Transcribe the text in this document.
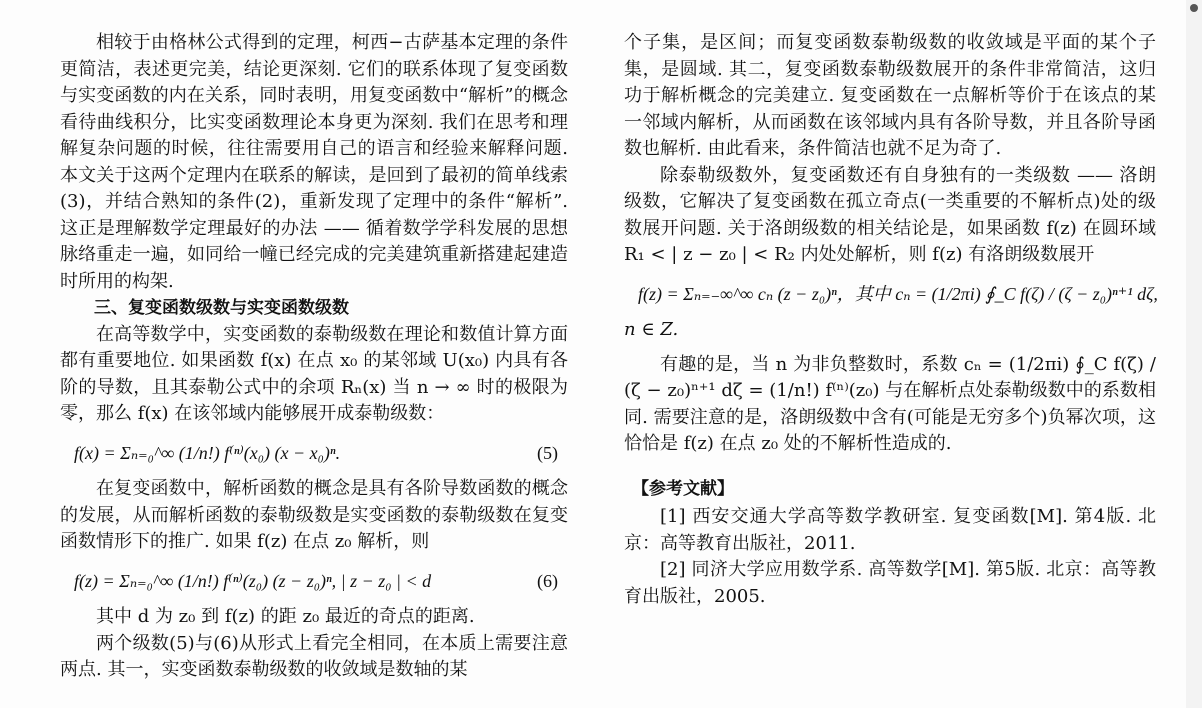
相较于由格林公式得到的定理，柯西−古萨基本定理的条件更简洁，表述更完美，结论更深刻. 它们的联系体现了复变函数与实变函数的内在关系，同时表明，用复变函数中“解析”的概念看待曲线积分，比实变函数理论本身更为深刻. 我们在思考和理解复杂问题的时候，往往需要用自己的语言和经验来解释问题. 本文关于这两个定理内在联系的解读，是回到了最初的简单线索(3)，并结合熟知的条件(2)，重新发现了定理中的条件“解析”. 这正是理解数学定理最好的办法 —— 循着数学学科发展的思想脉络重走一遍，如同给一幢已经完成的完美建筑重新搭建起建造时所用的构架.

三、复变函数级数与实变函数级数

在高等数学中，实变函数的泰勒级数在理论和数值计算方面都有重要地位. 如果函数 f(x) 在点 x₀ 的某邻域 U(x₀) 内具有各阶的导数，且其泰勒公式中的余项 Rₙ(x) 当 n → ∞ 时的极限为零，那么 f(x) 在该邻域内能够展开成泰勒级数：

f(x) = Σₙ₌₀^∞ (1/n!) f⁽ⁿ⁾(x₀) (x − x₀)ⁿ.	(5)

在复变函数中，解析函数的概念是具有各阶导数函数的概念的发展，从而解析函数的泰勒级数是实变函数的泰勒级数在复变函数情形下的推广. 如果 f(z) 在点 z₀ 解析，则

f(z) = Σₙ₌₀^∞ (1/n!) f⁽ⁿ⁾(z₀) (z − z₀)ⁿ, | z − z₀ | < d	(6)

其中 d 为 z₀ 到 f(z) 的距 z₀ 最近的奇点的距离.

两个级数(5)与(6)从形式上看完全相同，在本质上需要注意两点. 其一，实变函数泰勒级数的收敛域是数轴的某

个子集，是区间；而复变函数泰勒级数的收敛域是平面的某个子集，是圆域. 其二，复变函数泰勒级数展开的条件非常简洁，这归功于解析概念的完美建立. 复变函数在一点解析等价于在该点的某一邻域内解析，从而函数在该邻域内具有各阶导数，并且各阶导函数也解析. 由此看来，条件简洁也就不足为奇了.

除泰勒级数外，复变函数还有自身独有的一类级数 —— 洛朗级数，它解决了复变函数在孤立奇点(一类重要的不解析点)处的级数展开问题. 关于洛朗级数的相关结论是，如果函数 f(z) 在圆环域 R₁ < | z − z₀ | < R₂ 内处处解析，则 f(z) 有洛朗级数展开

f(z) = Σₙ₌₋∞^∞ cₙ (z − z₀)ⁿ，其中 cₙ = (1/2πi) ∮_C f(ζ) / (ζ − z₀)ⁿ⁺¹ dζ,

n ∈ Z.

有趣的是，当 n 为非负整数时，系数 cₙ = (1/2πi) ∮_C f(ζ) / (ζ − z₀)ⁿ⁺¹ dζ = (1/n!) f⁽ⁿ⁾(z₀) 与在解析点处泰勒级数中的系数相同. 需要注意的是，洛朗级数中含有(可能是无穷多个)负幂次项，这恰恰是 f(z) 在点 z₀ 处的不解析性造成的.

【参考文献】

[1] 西安交通大学高等数学教研室. 复变函数[M]. 第4版. 北京：高等教育出版社，2011.

[2] 同济大学应用数学系. 高等数学[M]. 第5版. 北京：高等教育出版社，2005.
